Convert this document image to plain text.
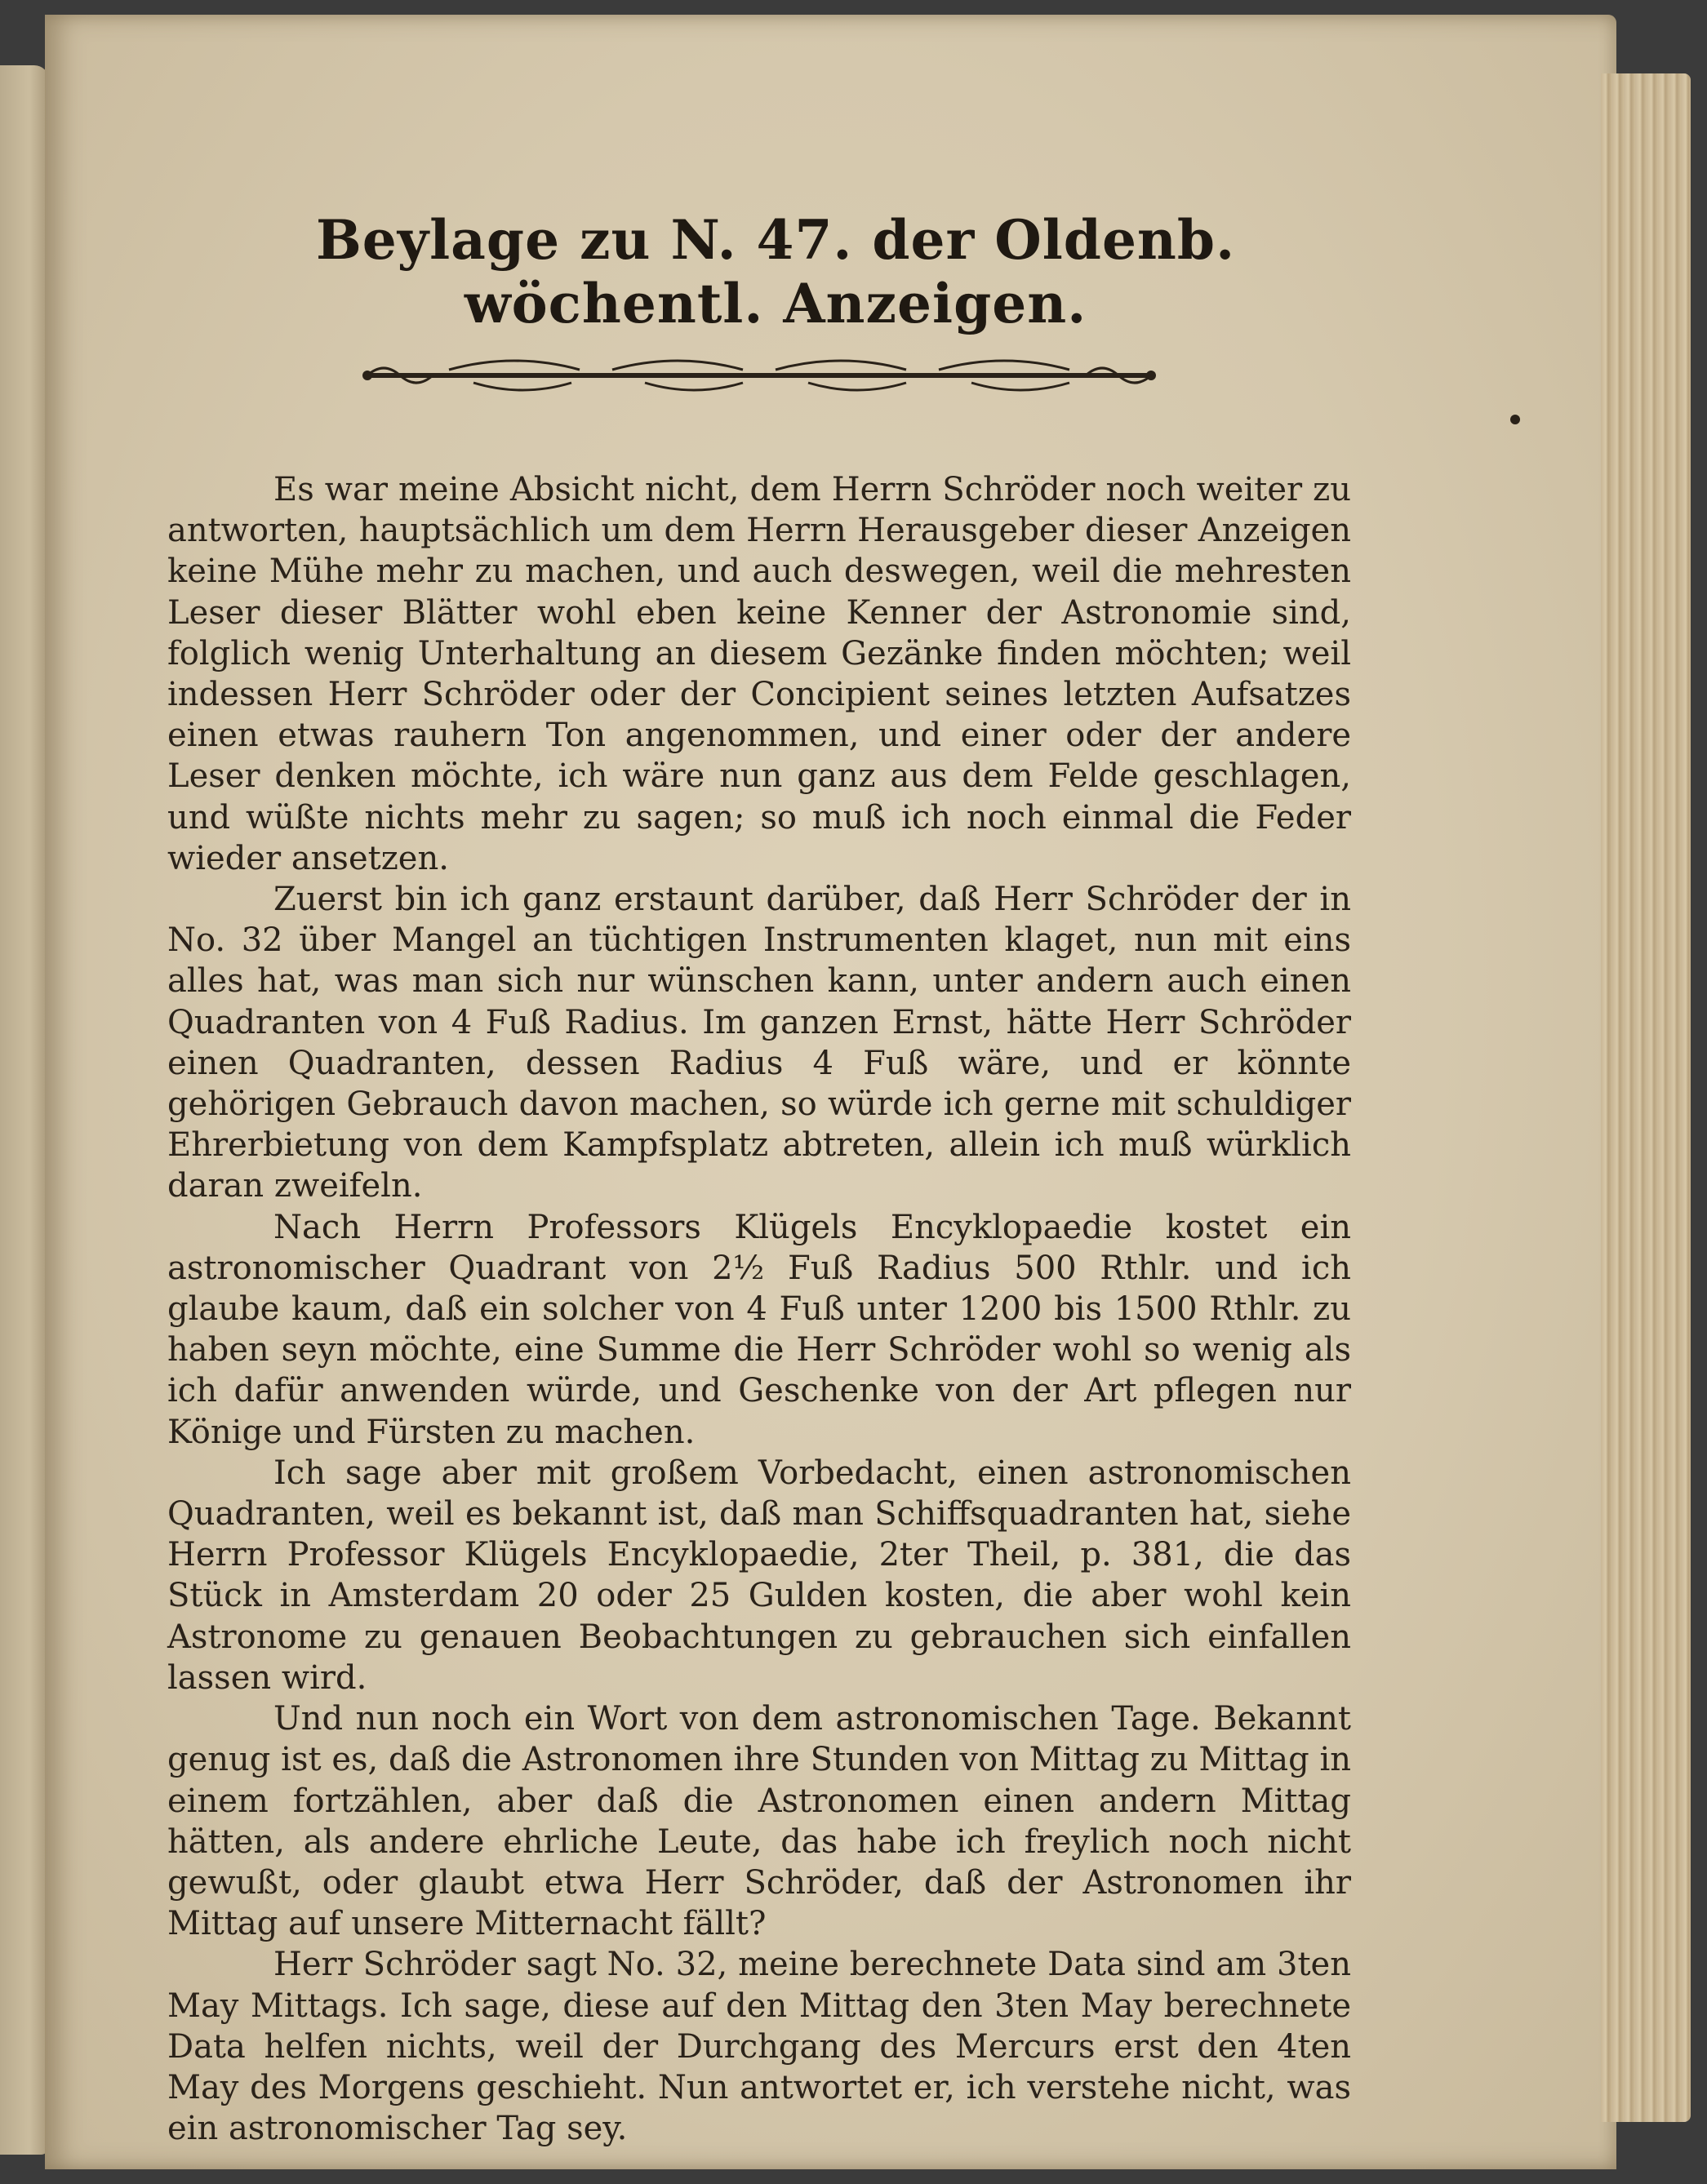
Beylage zu N. 47. der Oldenb. wöchentl. Anzeigen.

Es war meine Absicht nicht, dem Herrn Schröder noch weiter zu antworten, hauptsächlich um dem Herrn Herausgeber dieser Anzeigen keine Mühe mehr zu machen, und auch deswegen, weil die mehresten Leser dieser Blätter wohl eben keine Kenner der Astronomie sind, folglich wenig Unterhaltung an diesem Gezänke finden möchten; weil indessen Herr Schröder oder der Concipient seines letzten Aufsatzes einen etwas rauhern Ton angenommen, und einer oder der andere Leser denken möchte, ich wäre nun ganz aus dem Felde geschlagen, und wüßte nichts mehr zu sagen; so muß ich noch einmal die Feder wieder ansetzen.

Zuerst bin ich ganz erstaunt darüber, daß Herr Schröder der in No. 32 über Mangel an tüchtigen Instrumenten klaget, nun mit eins alles hat, was man sich nur wünschen kann, unter andern auch einen Quadranten von 4 Fuß Radius. Im ganzen Ernst, hätte Herr Schröder einen Quadranten, dessen Radius 4 Fuß wäre, und er könnte gehörigen Gebrauch davon machen, so würde ich gerne mit schuldiger Ehrerbietung von dem Kampfsplatz abtreten, allein ich muß würklich daran zweifeln.

Nach Herrn Professors Klügels Encyklopaedie kostet ein astronomischer Quadrant von 2½ Fuß Radius 500 Rthlr. und ich glaube kaum, daß ein solcher von 4 Fuß unter 1200 bis 1500 Rthlr. zu haben seyn möchte, eine Summe die Herr Schröder wohl so wenig als ich dafür anwenden würde, und Geschenke von der Art pflegen nur Könige und Fürsten zu machen.

Ich sage aber mit großem Vorbedacht, einen astronomischen Quadranten, weil es bekannt ist, daß man Schiffsquadranten hat, siehe Herrn Professor Klügels Encyklopaedie, 2ter Theil, p. 381, die das Stück in Amsterdam 20 oder 25 Gulden kosten, die aber wohl kein Astronome zu genauen Beobachtungen zu gebrauchen sich einfallen lassen wird.

Und nun noch ein Wort von dem astronomischen Tage. Bekannt genug ist es, daß die Astronomen ihre Stunden von Mittag zu Mittag in einem fortzählen, aber daß die Astronomen einen andern Mittag hätten, als andere ehrliche Leute, das habe ich freylich noch nicht gewußt, oder glaubt etwa Herr Schröder, daß der Astronomen ihr Mittag auf unsere Mitternacht fällt?

Herr Schröder sagt No. 32, meine berechnete Data sind am 3ten May Mittags. Ich sage, diese auf den Mittag den 3ten May berechnete Data helfen nichts, weil der Durchgang des Mercurs erst den 4ten May des Morgens geschieht. Nun antwortet er, ich verstehe nicht, was ein astronomischer Tag sey.
